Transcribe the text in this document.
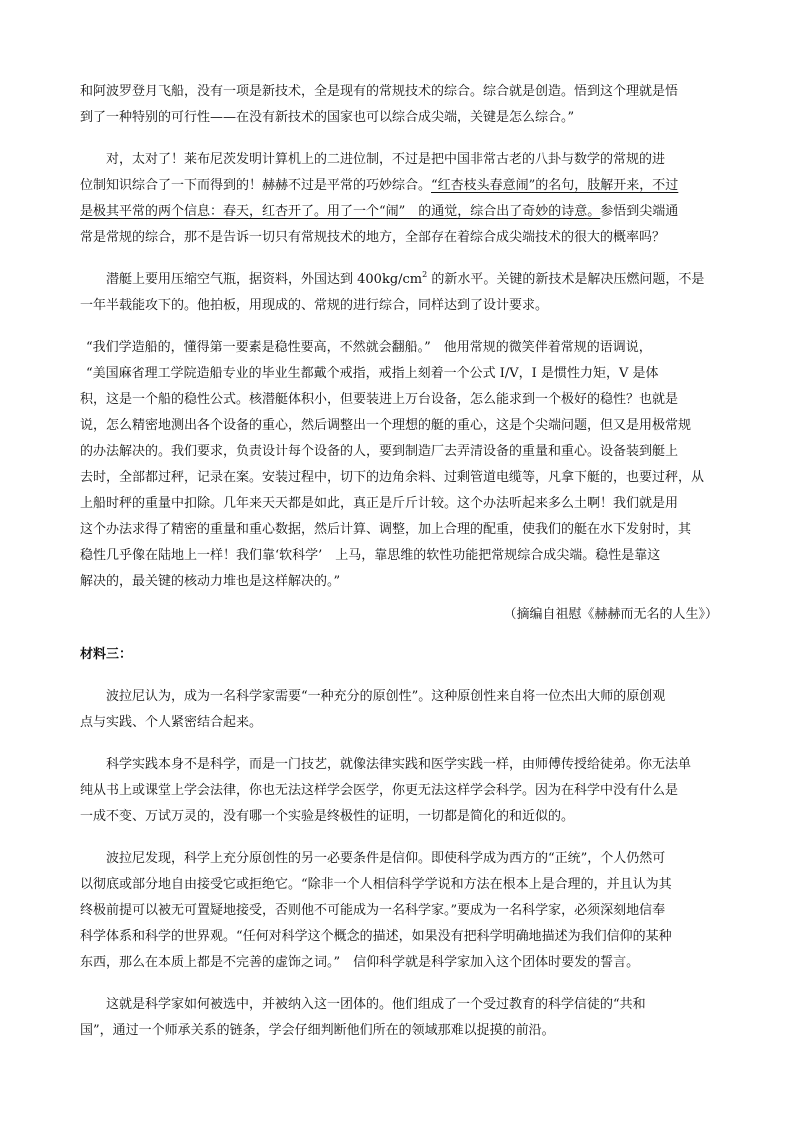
和阿波罗登月飞船，没有一项是新技术，全是现有的常规技术的综合。综合就是创造。悟到这个理就是悟
到了一种特别的可行性——在没有新技术的国家也可以综合成尖端，关键是怎么综合。”
对，太对了！莱布尼茨发明计算机上的二进位制，不过是把中国非常古老的八卦与数学的常规的进
位制知识综合了一下而得到的！赫赫不过是平常的巧妙综合。“红杏枝头春意闹”的名句，肢解开来，不过
是极其平常的两个信息：春天，红杏开了。用了一个“闹”　的通觉，综合出了奇妙的诗意。参悟到尖端通
常是常规的综合，那不是告诉一切只有常规技术的地方，全部存在着综合成尖端技术的很大的概率吗？
潜艇上要用压缩空气瓶，据资料，外国达到 $400kg/cm^2$ 的新水平。关键的新技术是解决压燃问题，不是
一年半载能攻下的。他拍板，用现成的、常规的进行综合，同样达到了设计要求。
“我们学造船的，懂得第一要素是稳性要高，不然就会翻船。”　他用常规的微笑伴着常规的语调说，
“美国麻省理工学院造船专业的毕业生都戴个戒指，戒指上刻着一个公式 I/V，I 是惯性力矩，V 是体
积，这是一个船的稳性公式。核潜艇体积小，但要装进上万台设备，怎么能求到一个极好的稳性？也就是
说，怎么精密地测出各个设备的重心，然后调整出一个理想的艇的重心，这是个尖端问题，但又是用极常规
的办法解决的。我们要求，负责设计每个设备的人，要到制造厂去弄清设备的重量和重心。设备装到艇上
去时，全部都过秤，记录在案。安装过程中，切下的边角余料、过剩管道电缆等，凡拿下艇的，也要过秤，从
上船时秤的重量中扣除。几年来天天都是如此，真正是斤斤计较。这个办法听起来多么土啊！我们就是用
这个办法求得了精密的重量和重心数据，然后计算、调整，加上合理的配重，使我们的艇在水下发射时，其
稳性几乎像在陆地上一样！我们靠‘软科学’　上马，靠思维的软性功能把常规综合成尖端。稳性是靠这
解决的，最关键的核动力堆也是这样解决的。”
（摘编自祖慰《赫赫而无名的人生》）
材料三：
波拉尼认为，成为一名科学家需要“一种充分的原创性”。这种原创性来自将一位杰出大师的原创观
点与实践、个人紧密结合起来。
科学实践本身不是科学，而是一门技艺，就像法律实践和医学实践一样，由师傅传授给徒弟。你无法单
纯从书上或课堂上学会法律，你也无法这样学会医学，你更无法这样学会科学。因为在科学中没有什么是
一成不变、万试万灵的，没有哪一个实验是终极性的证明，一切都是简化的和近似的。
波拉尼发现，科学上充分原创性的另一必要条件是信仰。即使科学成为西方的“正统”，个人仍然可
以彻底或部分地自由接受它或拒绝它。“除非一个人相信科学学说和方法在根本上是合理的，并且认为其
终极前提可以被无可置疑地接受，否则他不可能成为一名科学家。”要成为一名科学家，必须深刻地信奉
科学体系和科学的世界观。“任何对科学这个概念的描述，如果没有把科学明确地描述为我们信仰的某种
东西，那么在本质上都是不完善的虚饰之词。”　信仰科学就是科学家加入这个团体时要发的誓言。
这就是科学家如何被选中，并被纳入这一团体的。他们组成了一个受过教育的科学信徒的“共和
国”，通过一个师承关系的链条，学会仔细判断他们所在的领域那难以捉摸的前沿。
